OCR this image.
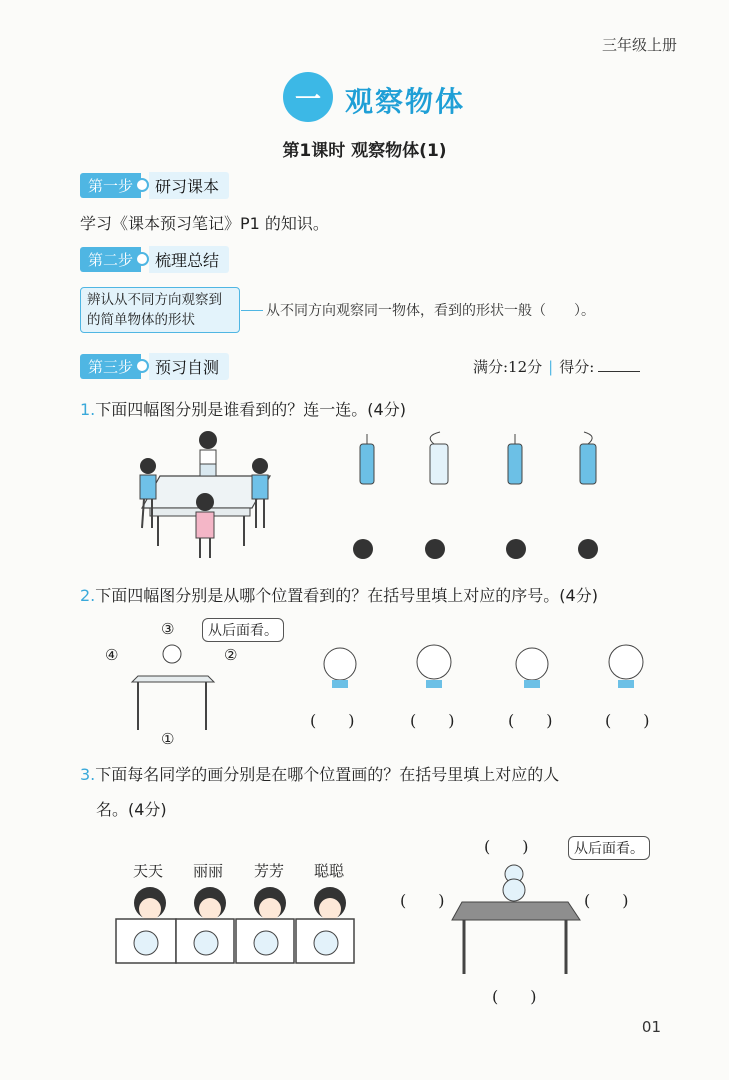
三年级上册
一 观察物体
第1课时 观察物体(1)
第一步	研习课本
学习《课本预习笔记》P1 的知识。
第二步	梳理总结
辨认从不同方向观察到的简单物体的形状
从不同方向观察同一物体，看到的形状一般（　　）。
第三步	预习自测	满分:12分 | 得分:
1.下面四幅图分别是谁看到的？连一连。(4分)
2.下面四幅图分别是从哪个位置看到的？在括号里填上对应的序号。(4分)
③	从后面看。
④	②
①
(　　)	(　　)	(　　)	(　　)
3.下面每名同学的画分别是在哪个位置画的？在括号里填上对应的人
名。(4分)
(　　)	从后面看。
天天 丽丽 芳芳 聪聪
(　　)	(　　)
(　　)
01
